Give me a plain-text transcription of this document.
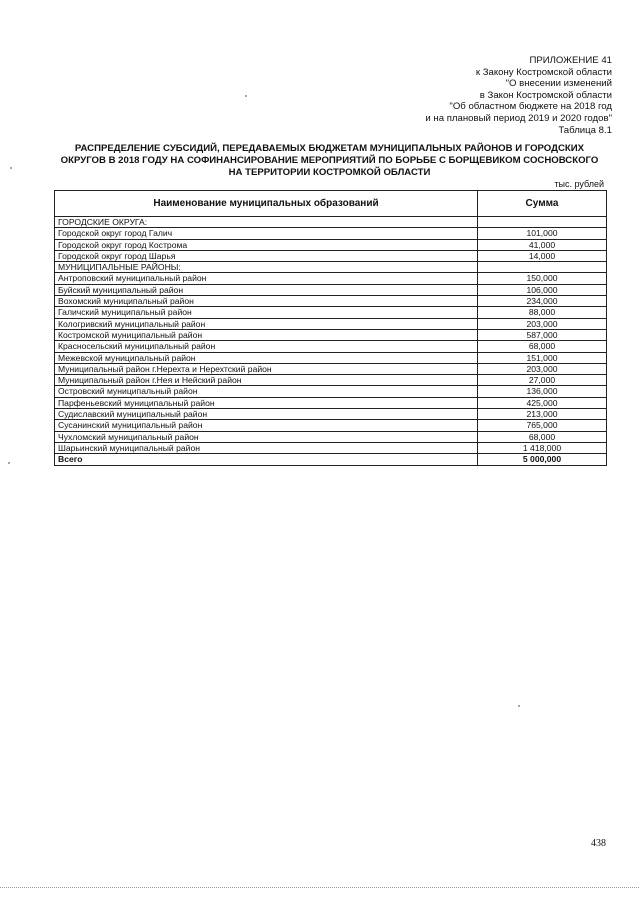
ПРИЛОЖЕНИЕ 41
к Закону Костромской области
"О внесении изменений
в Закон Костромской области
"Об областном бюджете на 2018 год
и на плановый период 2019 и 2020 годов"
Таблица 8.1
РАСПРЕДЕЛЕНИЕ СУБСИДИЙ, ПЕРЕДАВАЕМЫХ БЮДЖЕТАМ МУНИЦИПАЛЬНЫХ РАЙОНОВ И ГОРОДСКИХ
ОКРУГОВ В 2018 ГОДУ НА СОФИНАНСИРОВАНИЕ МЕРОПРИЯТИЙ ПО БОРЬБЕ С БОРЩЕВИКОМ СОСНОВСКОГО
НА ТЕРРИТОРИИ КОСТРОМКОЙ ОБЛАСТИ
тыс. рублей
Наименование муниципальных образований	Сумма
ГОРОДСКИЕ ОКРУГА:	
Городской округ город Галич	101,000
Городской округ город Кострома	41,000
Городской округ город Шарья	14,000
МУНИЦИПАЛЬНЫЕ РАЙОНЫ:	
Антроповский муниципальный район	150,000
Буйский муниципальный район	106,000
Вохомский муниципальный район	234,000
Галичский муниципальный район	88,000
Кологривский муниципальный район	203,000
Костромской муниципальный район	587,000
Красносельский муниципальный район	68,000
Межевской муниципальный район	151,000
Муниципальный район г.Нерехта и Нерехтский район	203,000
Муниципальный район г.Нея и Нейский район	27,000
Островский муниципальный район	136,000
Парфеньевский муниципальный район	425,000
Судиславский муниципальный район	213,000
Сусанинский муниципальный район	765,000
Чухломский муниципальный район	68,000
Шарьинский муниципальный район	1 418,000
Всего	5 000,000
438
